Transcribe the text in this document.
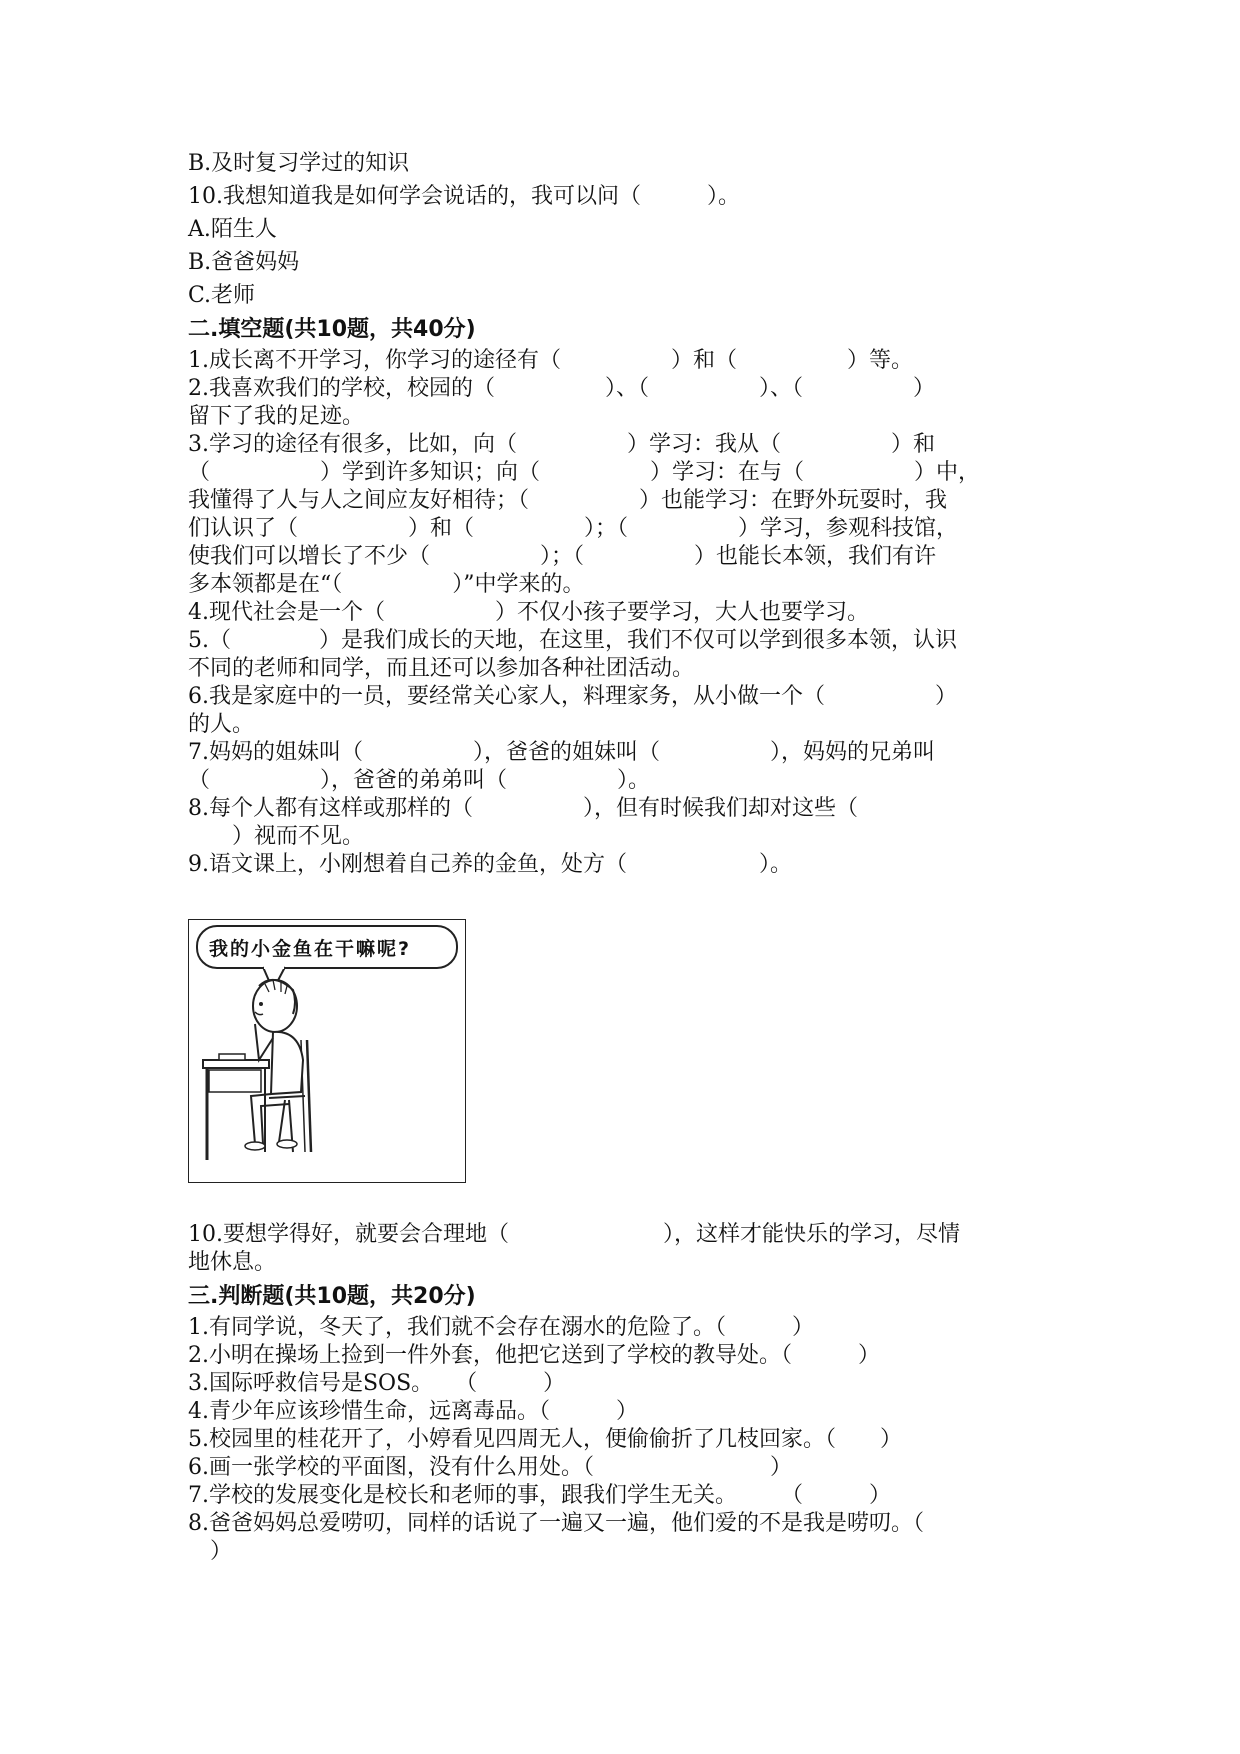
B.及时复习学过的知识
10.我想知道我是如何学会说话的，我可以问（　　　）。
A.陌生人
B.爸爸妈妈
C.老师
二.填空题(共10题，共40分)
1.成长离不开学习，你学习的途径有（　　　　　）和（　　　　　）等。
2.我喜欢我们的学校，校园的（　　　　　）、（　　　　　）、（　　　　　）
留下了我的足迹。
3.学习的途径有很多，比如，向（　　　　　）学习：我从（　　　　　）和
（　　　　　）学到许多知识；向（　　　　　）学习：在与（　　　　　）中，
我懂得了人与人之间应友好相待；（　　　　　）也能学习：在野外玩耍时，我
们认识了（　　　　　）和（　　　　　）；（　　　　　）学习，参观科技馆，
使我们可以增长了不少（　　　　　）；（　　　　　）也能长本领，我们有许
多本领都是在“（　　　　　）”中学来的。
4.现代社会是一个（　　　　　）不仅小孩子要学习，大人也要学习。
5.（　　　　）是我们成长的天地，在这里，我们不仅可以学到很多本领，认识
不同的老师和同学，而且还可以参加各种社团活动。
6.我是家庭中的一员，要经常关心家人，料理家务，从小做一个（　　　　　）
的人。
7.妈妈的姐妹叫（　　　　　），爸爸的姐妹叫（　　　　　），妈妈的兄弟叫
（　　　　　），爸爸的弟弟叫（　　　　　）。
8.每个人都有这样或那样的（　　　　　），但有时候我们却对这些（
　　）视而不见。
9.语文课上，小刚想着自己养的金鱼，处方（　　　　　　）。
我的小金鱼在干嘛呢?
10.要想学得好，就要会合理地（　　　　　　　），这样才能快乐的学习，尽情
地休息。
三.判断题(共10题，共20分)
1.有同学说，冬天了，我们就不会存在溺水的危险了。（　　　）
2.小明在操场上捡到一件外套，他把它送到了学校的教导处。（　　　）
3.国际呼救信号是SOS。　　（　　　）
4.青少年应该珍惜生命，远离毒品。（　　　）
5.校园里的桂花开了，小婷看见四周无人，便偷偷折了几枝回家。（　　）
6.画一张学校的平面图，没有什么用处。（　　　　　　　　）
7.学校的发展变化是校长和老师的事，跟我们学生无关。　　　（　　　）
8.爸爸妈妈总爱唠叨，同样的话说了一遍又一遍，他们爱的不是我是唠叨。（
　）
